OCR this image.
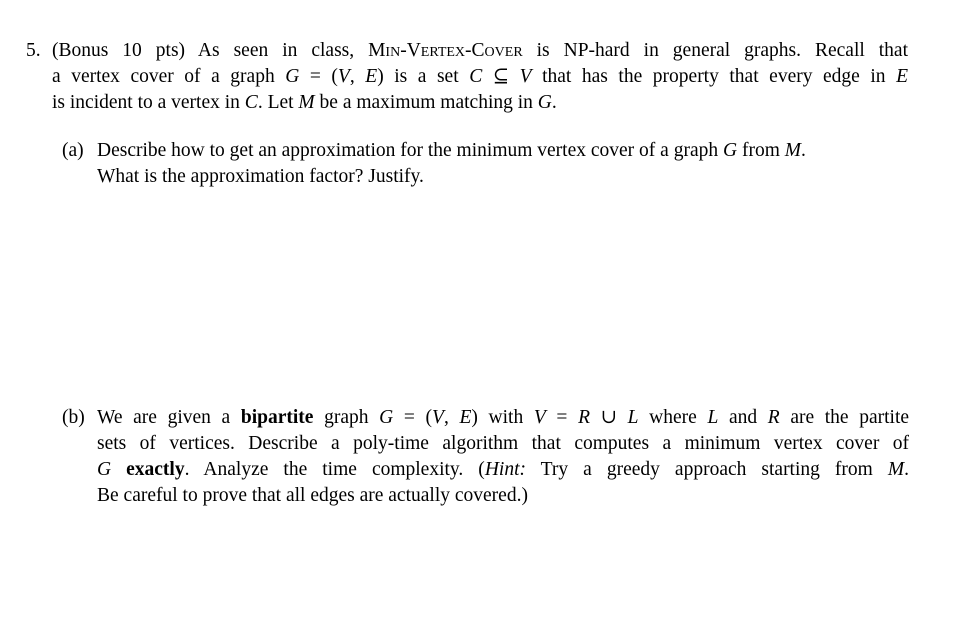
5. (Bonus 10 pts) As seen in class, Min-Vertex-Cover is NP-hard in general graphs. Recall that
a vertex cover of a graph G = (V, E) is a set C ⊆ V that has the property that every edge in E
is incident to a vertex in C. Let M be a maximum matching in G.
(a) Describe how to get an approximation for the minimum vertex cover of a graph G from M.
What is the approximation factor? Justify.
(b) We are given a bipartite graph G = (V, E) with V = R ∪ L where L and R are the partite
sets of vertices. Describe a poly-time algorithm that computes a minimum vertex cover of
G exactly. Analyze the time complexity. (Hint: Try a greedy approach starting from M.
Be careful to prove that all edges are actually covered.)
